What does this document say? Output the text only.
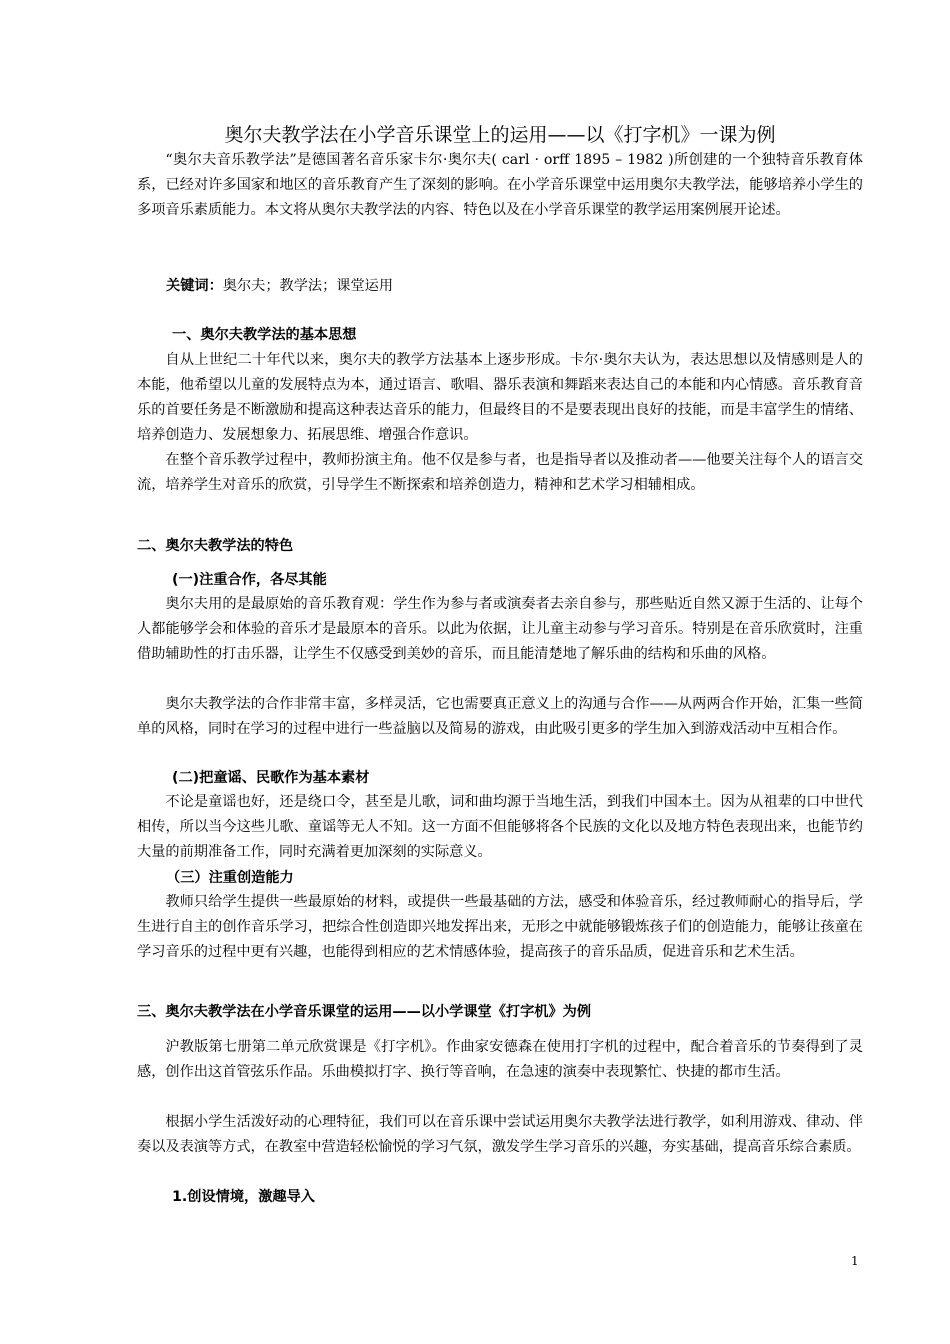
奥尔夫教学法在小学音乐课堂上的运用——以《打字机》一课为例
“奥尔夫音乐教学法”是德国著名音乐家卡尔·奥尔夫( carl · orff 1895 – 1982 )所创建的一个独特音乐教育体系，已经对许多国家和地区的音乐教育产生了深刻的影响。在小学音乐课堂中运用奥尔夫教学法，能够培养小学生的多项音乐素质能力。本文将从奥尔夫教学法的内容、特色以及在小学音乐课堂的教学运用案例展开论述。
关键词：奥尔夫；教学法；课堂运用
一、奥尔夫教学法的基本思想
自从上世纪二十年代以来，奥尔夫的教学方法基本上逐步形成。卡尔·奥尔夫认为，表达思想以及情感则是人的本能，他希望以儿童的发展特点为本，通过语言、歌唱、器乐表演和舞蹈来表达自己的本能和内心情感。音乐教育音乐的首要任务是不断激励和提高这种表达音乐的能力，但最终目的不是要表现出良好的技能，而是丰富学生的情绪、培养创造力、发展想象力、拓展思维、增强合作意识。
在整个音乐教学过程中，教师扮演主角。他不仅是参与者，也是指导者以及推动者——他要关注每个人的语言交流，培养学生对音乐的欣赏，引导学生不断探索和培养创造力，精神和艺术学习相辅相成。
二、奥尔夫教学法的特色
(一)注重合作，各尽其能
奥尔夫用的是最原始的音乐教育观：学生作为参与者或演奏者去亲自参与，那些贴近自然又源于生活的、让每个人都能够学会和体验的音乐才是最原本的音乐。以此为依据，让儿童主动参与学习音乐。特别是在音乐欣赏时，注重借助辅助性的打击乐器，让学生不仅感受到美妙的音乐，而且能清楚地了解乐曲的结构和乐曲的风格。
奥尔夫教学法的合作非常丰富，多样灵活，它也需要真正意义上的沟通与合作——从两两合作开始，汇集一些简单的风格，同时在学习的过程中进行一些益脑以及简易的游戏，由此吸引更多的学生加入到游戏活动中互相合作。
(二)把童谣、民歌作为基本素材
不论是童谣也好，还是绕口令，甚至是儿歌，词和曲均源于当地生活，到我们中国本土。因为从祖辈的口中世代相传，所以当今这些儿歌、童谣等无人不知。这一方面不但能够将各个民族的文化以及地方特色表现出来，也能节约大量的前期准备工作，同时充满着更加深刻的实际意义。
（三）注重创造能力
教师只给学生提供一些最原始的材料，或提供一些最基础的方法，感受和体验音乐，经过教师耐心的指导后，学生进行自主的创作音乐学习，把综合性创造即兴地发挥出来，无形之中就能够锻炼孩子们的创造能力，能够让孩童在学习音乐的过程中更有兴趣，也能得到相应的艺术情感体验，提高孩子的音乐品质，促进音乐和艺术生活。
三、奥尔夫教学法在小学音乐课堂的运用——以小学课堂《打字机》为例
沪教版第七册第二单元欣赏课是《打字机》。作曲家安德森在使用打字机的过程中，配合着音乐的节奏得到了灵感，创作出这首管弦乐作品。乐曲模拟打字、换行等音响，在急速的演奏中表现繁忙、快捷的都市生活。
根据小学生活泼好动的心理特征，我们可以在音乐课中尝试运用奥尔夫教学法进行教学，如利用游戏、律动、伴奏以及表演等方式，在教室中营造轻松愉悦的学习气氛，激发学生学习音乐的兴趣，夯实基础，提高音乐综合素质。
1.创设情境，激趣导入
1
